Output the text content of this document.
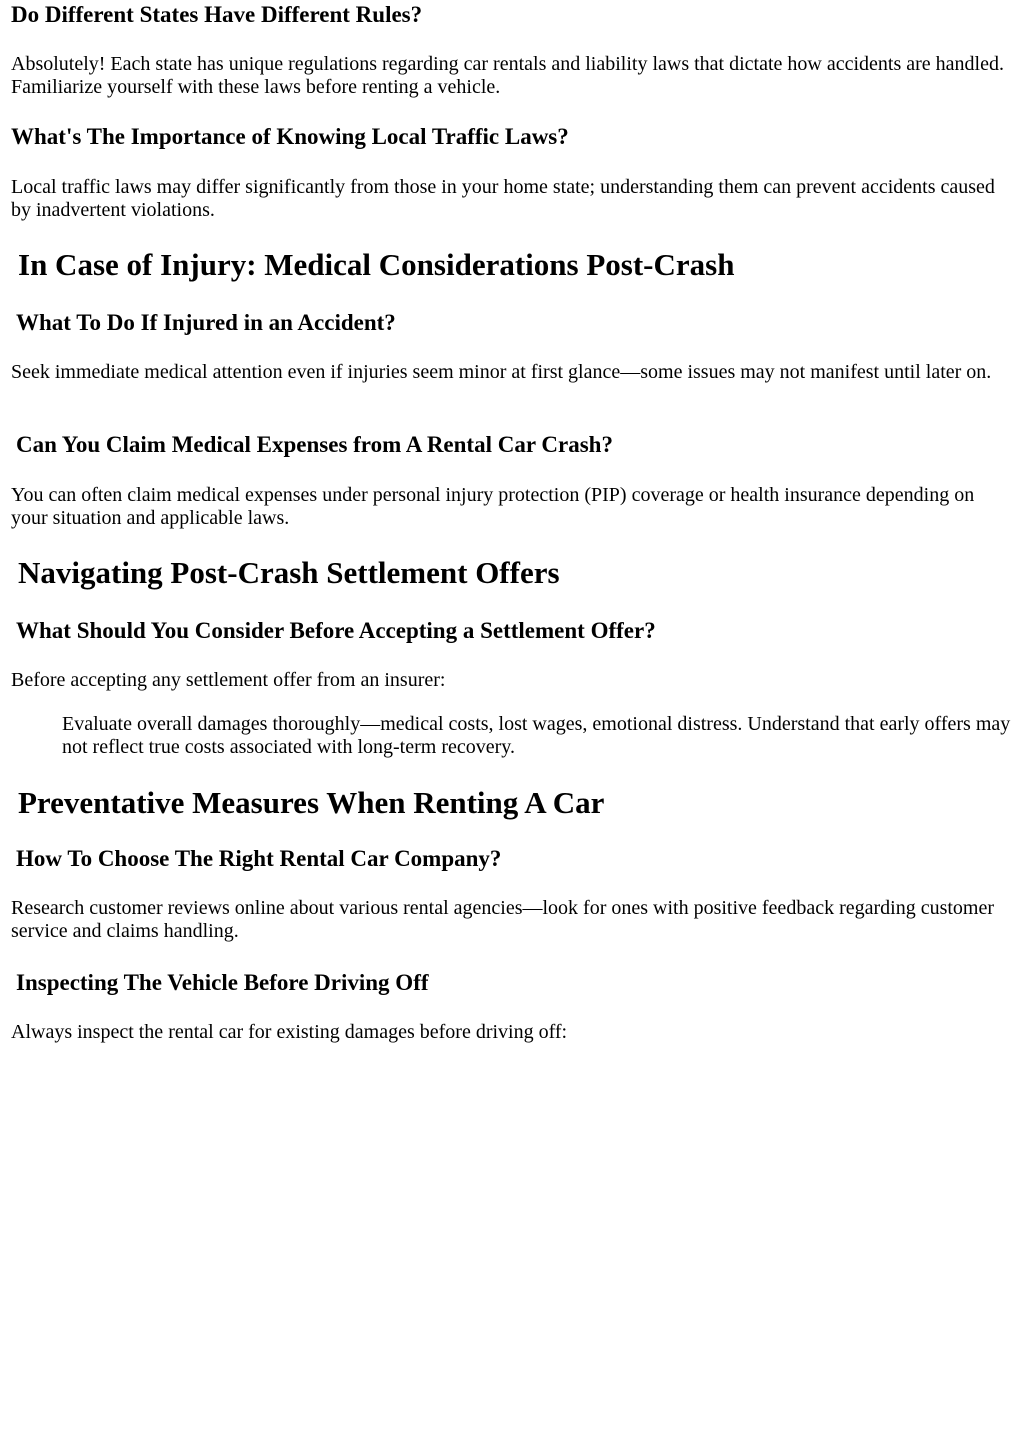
Do Different States Have Different Rules?

Absolutely! Each state has unique regulations regarding car rentals and liability laws that dictate how accidents are handled. Familiarize yourself with these laws before renting a vehicle.

What's The Importance of Knowing Local Traffic Laws?

Local traffic laws may differ significantly from those in your home state; understanding them can prevent accidents caused by inadvertent violations.

In Case of Injury: Medical Considerations Post-Crash
What To Do If Injured in an Accident?

Seek immediate medical attention even if injuries seem minor at first glance—some issues may not manifest until later on.

Can You Claim Medical Expenses from A Rental Car Crash?

You can often claim medical expenses under personal injury protection (PIP) coverage or health insurance depending on your situation and applicable laws.

Navigating Post-Crash Settlement Offers
What Should You Consider Before Accepting a Settlement Offer?

Before accepting any settlement offer from an insurer:

Evaluate overall damages thoroughly—medical costs, lost wages, emotional distress. Understand that early offers may not reflect true costs associated with long-term recovery.
Preventative Measures When Renting A Car
How To Choose The Right Rental Car Company?

Research customer reviews online about various rental agencies—look for ones with positive feedback regarding customer service and claims handling.

Inspecting The Vehicle Before Driving Off

Always inspect the rental car for existing damages before driving off:
